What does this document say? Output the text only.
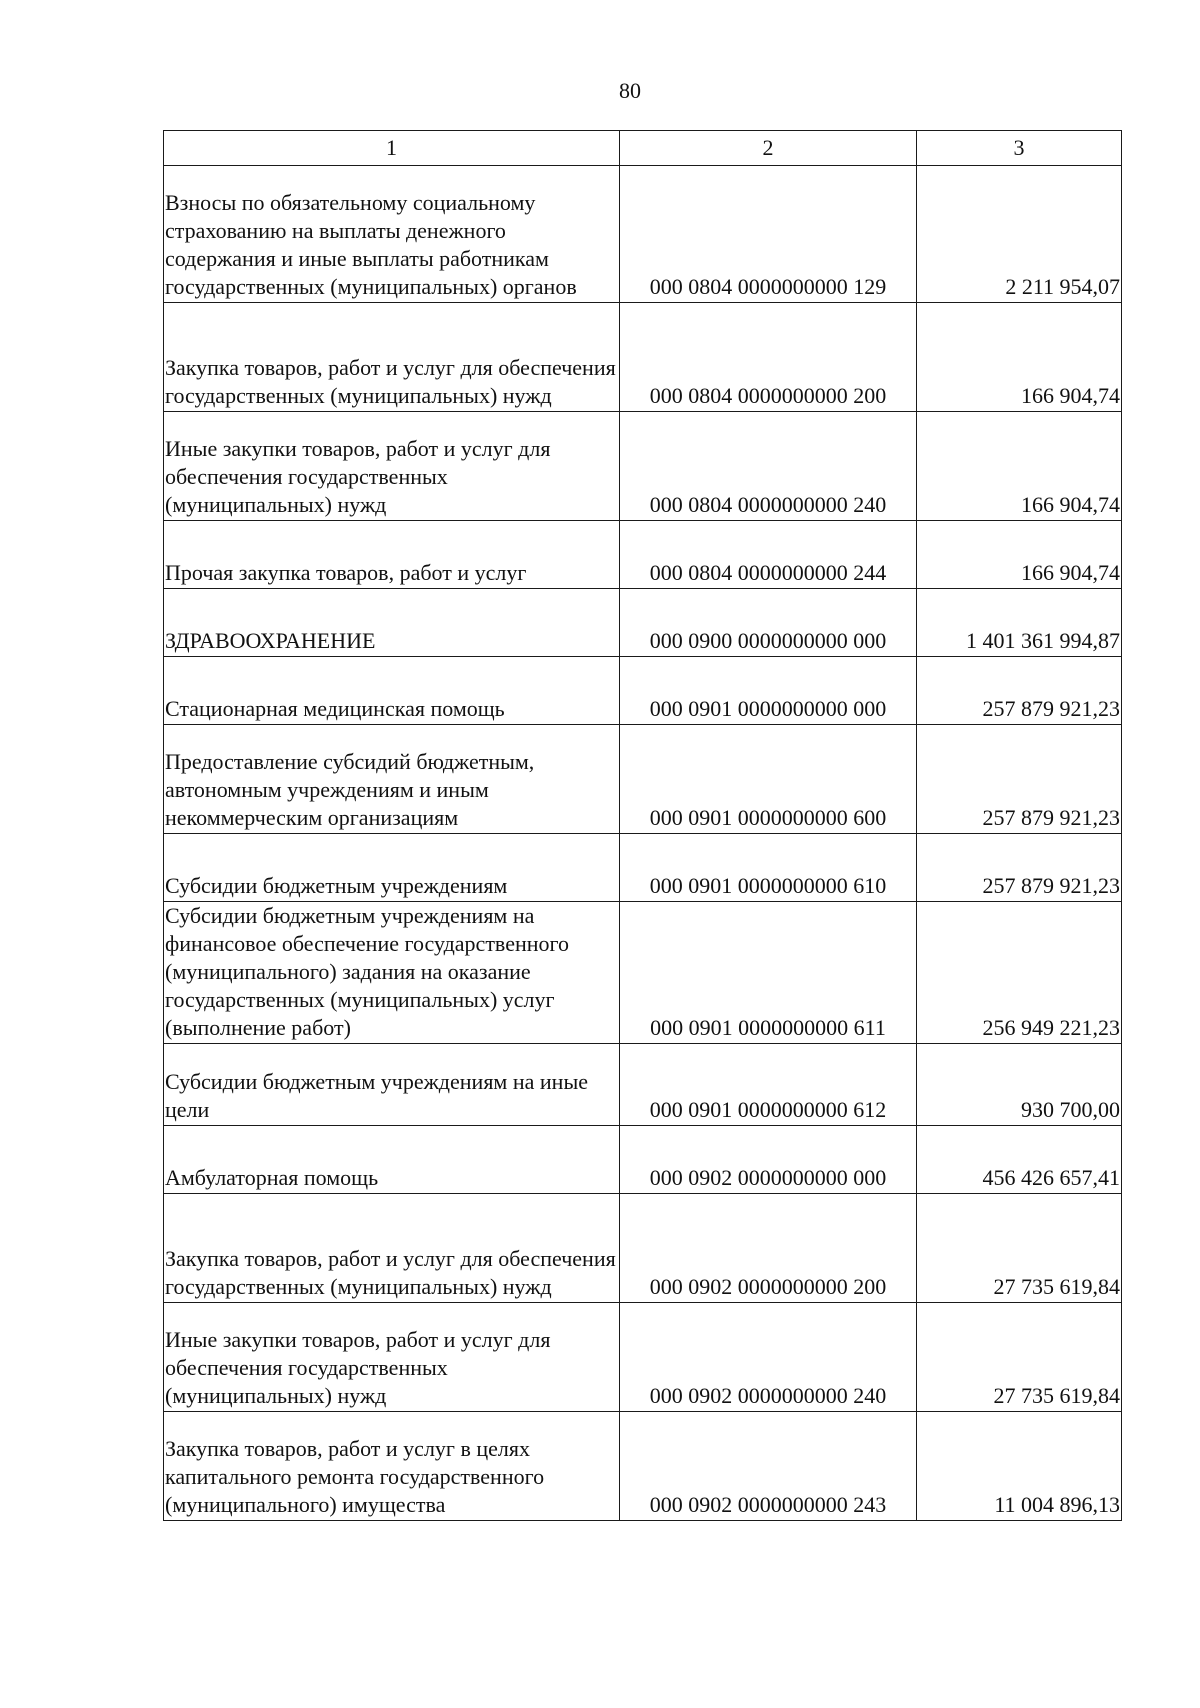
80
1	2	3
Взносы по обязательному социальному страхованию на выплаты денежного содержания и иные выплаты работникам государственных (муниципальных) органов	000 0804 0000000000 129	2 211 954,07
Закупка товаров, работ и услуг для обеспечения государственных (муниципальных) нужд	000 0804 0000000000 200	166 904,74
Иные закупки товаров, работ и услуг для обеспечения государственных (муниципальных) нужд	000 0804 0000000000 240	166 904,74
Прочая закупка товаров, работ и услуг	000 0804 0000000000 244	166 904,74
ЗДРАВООХРАНЕНИЕ	000 0900 0000000000 000	1 401 361 994,87
Стационарная медицинская помощь	000 0901 0000000000 000	257 879 921,23
Предоставление субсидий бюджетным, автономным учреждениям и иным некоммерческим организациям	000 0901 0000000000 600	257 879 921,23
Субсидии бюджетным учреждениям	000 0901 0000000000 610	257 879 921,23
Субсидии бюджетным учреждениям на финансовое обеспечение государственного (муниципального) задания на оказание государственных (муниципальных) услуг (выполнение работ)	000 0901 0000000000 611	256 949 221,23
Субсидии бюджетным учреждениям на иные цели	000 0901 0000000000 612	930 700,00
Амбулаторная помощь	000 0902 0000000000 000	456 426 657,41
Закупка товаров, работ и услуг для обеспечения государственных (муниципальных) нужд	000 0902 0000000000 200	27 735 619,84
Иные закупки товаров, работ и услуг для обеспечения государственных (муниципальных) нужд	000 0902 0000000000 240	27 735 619,84
Закупка товаров, работ и услуг в целях капитального ремонта государственного (муниципального) имущества	000 0902 0000000000 243	11 004 896,13
